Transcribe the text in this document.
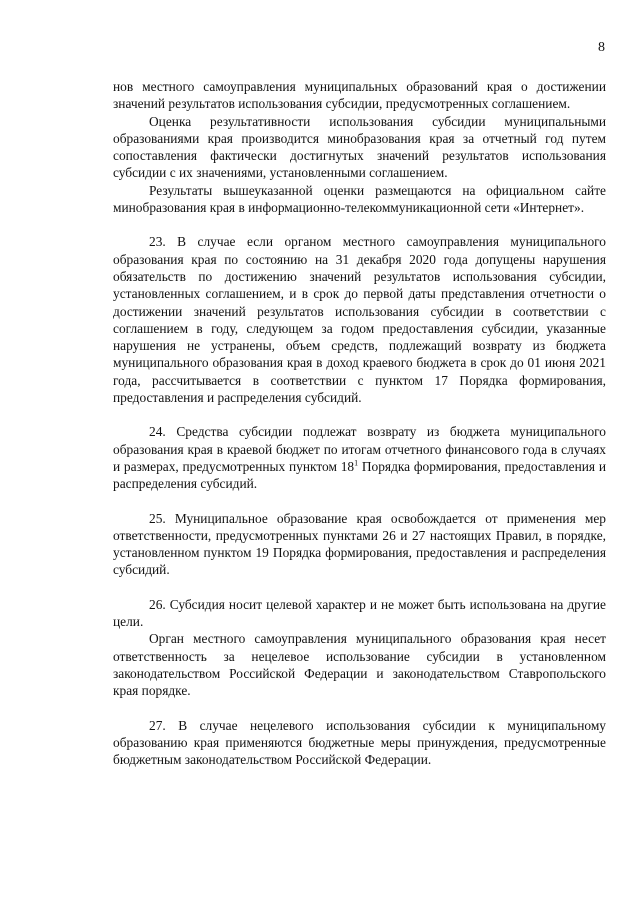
8

нов местного самоуправления муниципальных образований края о достижении значений результатов использования субсидии, предусмотренных соглашением.

Оценка результативности использования субсидии муниципальными образованиями края производится минобразования края за отчетный год путем сопоставления фактически достигнутых значений результатов использования субсидии с их значениями, установленными соглашением.

Результаты вышеуказанной оценки размещаются на официальном сайте минобразования края в информационно-телекоммуникационной сети «Интернет».

23. В случае если органом местного самоуправления муниципального образования края по состоянию на 31 декабря 2020 года допущены нарушения обязательств по достижению значений результатов использования субсидии, установленных соглашением, и в срок до первой даты представления отчетности о достижении значений результатов использования субсидии в соответствии с соглашением в году, следующем за годом предоставления субсидии, указанные нарушения не устранены, объем средств, подлежащий возврату из бюджета муниципального образования края в доход краевого бюджета в срок до 01 июня 2021 года, рассчитывается в соответствии с пунктом 17 Порядка формирования, предоставления и распределения субсидий.

24. Средства субсидии подлежат возврату из бюджета муниципального образования края в краевой бюджет по итогам отчетного финансового года в случаях и размерах, предусмотренных пунктом $18^1$ Порядка формирования, предоставления и распределения субсидий.

25. Муниципальное образование края освобождается от применения мер ответственности, предусмотренных пунктами 26 и 27 настоящих Правил, в порядке, установленном пунктом 19 Порядка формирования, предоставления и распределения субсидий.

26. Субсидия носит целевой характер и не может быть использована на другие цели.

Орган местного самоуправления муниципального образования края несет ответственность за нецелевое использование субсидии в установленном законодательством Российской Федерации и законодательством Ставропольского края порядке.

27. В случае нецелевого использования субсидии к муниципальному образованию края применяются бюджетные меры принуждения, предусмотренные бюджетным законодательством Российской Федерации.
